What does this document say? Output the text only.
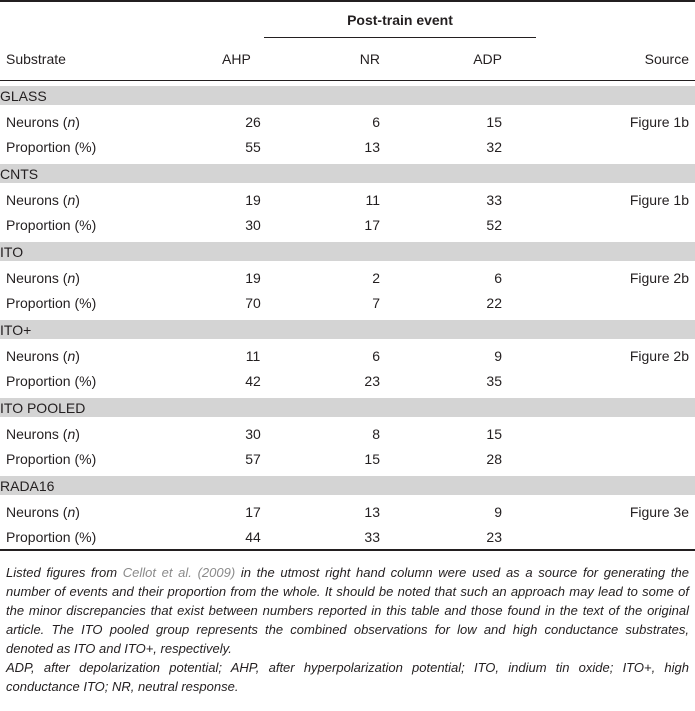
	Post-train event			

Substrate	AHP	NR	ADP	Source

GLASS				
Neurons (n)	26	6	15	Figure 1b
Proportion (%)	55	13	32	
CNTS				
Neurons (n)	19	11	33	Figure 1b
Proportion (%)	30	17	52	
ITO				
Neurons (n)	19	2	6	Figure 2b
Proportion (%)	70	7	22	
ITO+				
Neurons (n)	11	6	9	Figure 2b
Proportion (%)	42	23	35	
ITO POOLED				
Neurons (n)	30	8	15	
Proportion (%)	57	15	28	
RADA16				
Neurons (n)	17	13	9	Figure 3e
Proportion (%)	44	33	23	

Listed figures from Cellot et al. (2009) in the utmost right hand column were used as a source for generating the number of events and their proportion from the whole. It should be noted that such an approach may lead to some of the minor discrepancies that exist between numbers reported in this table and those found in the text of the original article. The ITO pooled group represents the combined observations for low and high conductance substrates, denoted as ITO and ITO+, respectively.

ADP, after depolarization potential; AHP, after hyperpolarization potential; ITO, indium tin oxide; ITO+, high conductance ITO; NR, neutral response.
